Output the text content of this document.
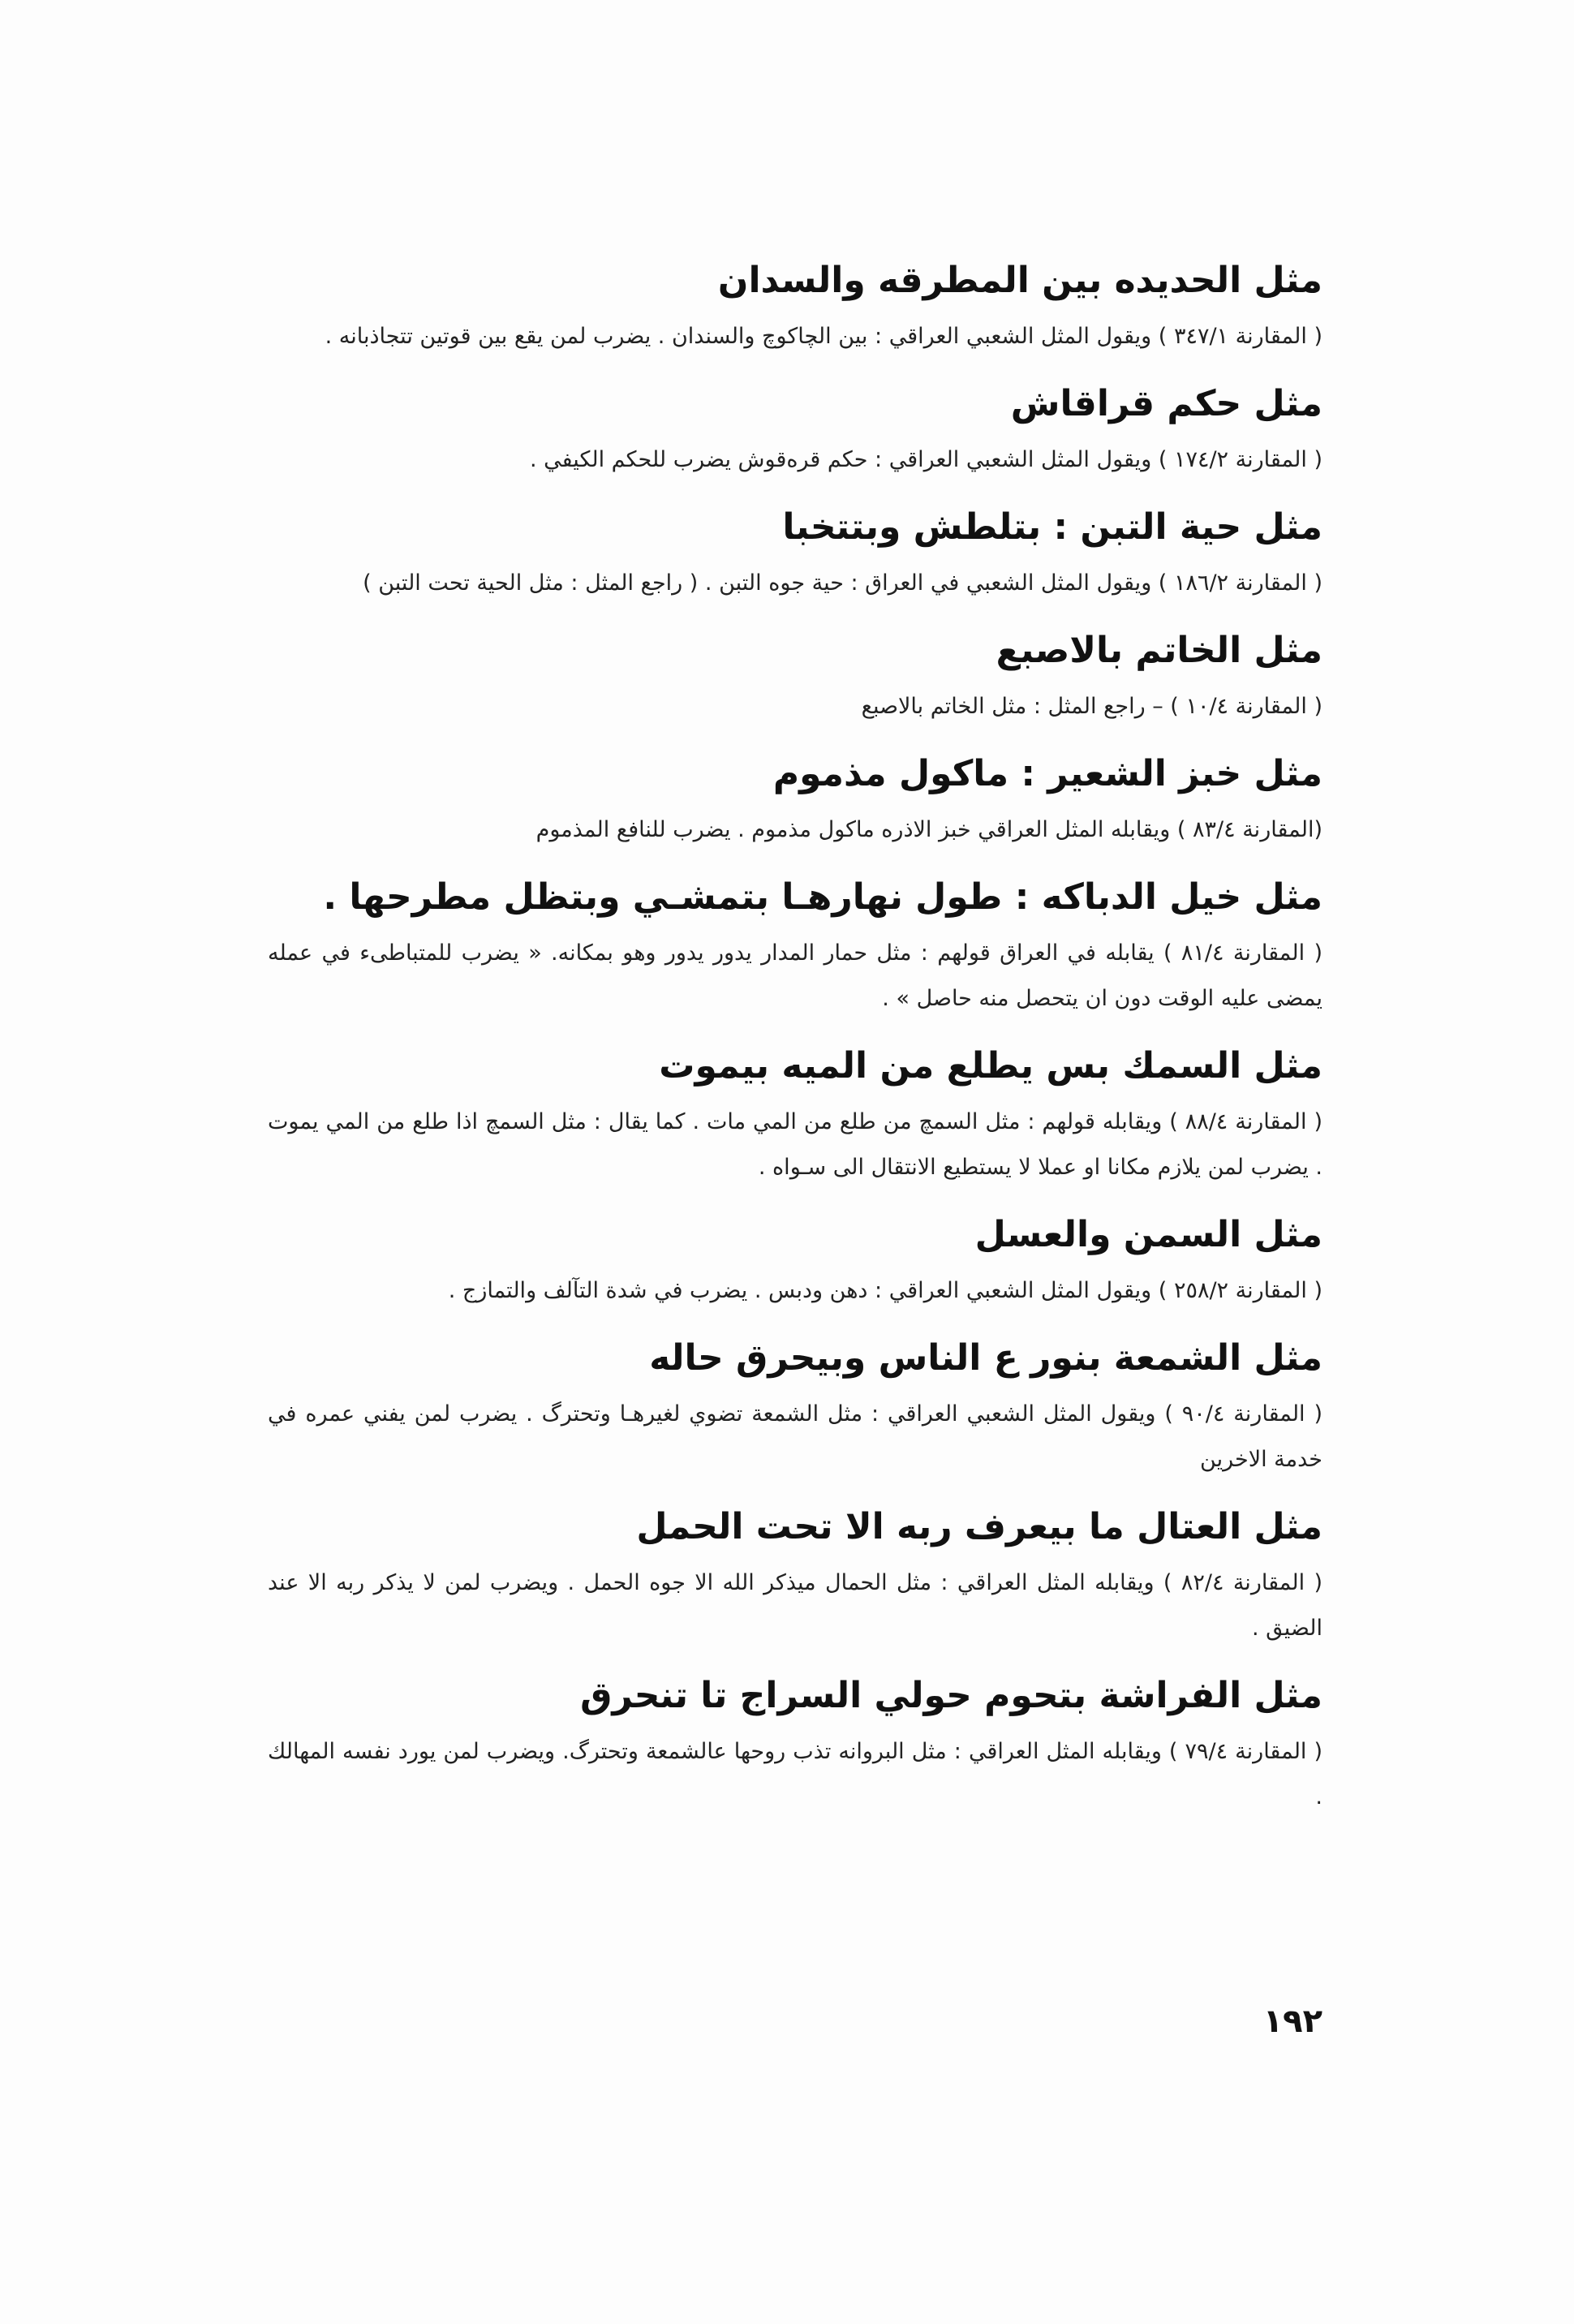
مثل الحديده بين المطرقه والسدان

( المقارنة ٣٤٧/١ ) ويقول المثل الشعبي العراقي : بين الچاكوچ والسندان . يضرب لمن يقع بين قوتين تتجاذبانه .

مثل حكم قراقاش

( المقارنة ١٧٤/٢ ) ويقول المثل الشعبي العراقي : حكم قرەقوش يضرب للحكم الكيفي .

مثل حية التبن : بتلطش وبتتخبا

( المقارنة ١٨٦/٢ ) ويقول المثل الشعبي في العراق : حية جوه التبن . ( راجع المثل : مثل الحية تحت التبن )

مثل الخاتم بالاصبع

( المقارنة ١٠/٤ ) – راجع المثل : مثل الخاتم بالاصبع

مثل خبز الشعير : ماكول مذموم

(المقارنة ٨٣/٤ ) ويقابله المثل العراقي خبز الاذره ماكول مذموم . يضرب للنافع المذموم

مثل خيل الدباكه : طول نهارهـا بتمشـي وبتظل مطرحها .

( المقارنة ٨١/٤ ) يقابله في العراق قولهم : مثل حمار المدار يدور يدور وهو بمكانه. « يضرب للمتباطىء في عمله يمضى عليه الوقت دون ان يتحصل منه حاصل » .

مثل السمك بس يطلع من الميه بيموت

( المقارنة ٨٨/٤ ) ويقابله قولهم : مثل السمچ من طلع من المي مات . كما يقال : مثل السمچ اذا طلع من المي يموت . يضرب لمن يلازم مكانا او عملا لا يستطيع الانتقال الى سـواه .

مثل السمن والعسل

( المقارنة ٢٥٨/٢ ) ويقول المثل الشعبي العراقي : دهن ودبس . يضرب في شدة التآلف والتمازج .

مثل الشمعة بنور ع الناس وبيحرق حاله

( المقارنة ٩٠/٤ ) ويقول المثل الشعبي العراقي : مثل الشمعة تضوي لغيرهـا وتحترگ . يضرب لمن يفني عمره في خدمة الاخرين

مثل العتال ما بيعرف ربه الا تحت الحمل

( المقارنة ٨٢/٤ ) ويقابله المثل العراقي : مثل الحمال ميذكر الله الا جوه الحمل . ويضرب لمن لا يذكر ربه الا عند الضيق .

مثل الفراشة بتحوم حولي السراج تا تنحرق

( المقارنة ٧٩/٤ ) ويقابله المثل العراقي : مثل البروانه تذب روحها عالشمعة وتحترگ. ويضرب لمن يورد نفسه المهالك .

١٩٢
